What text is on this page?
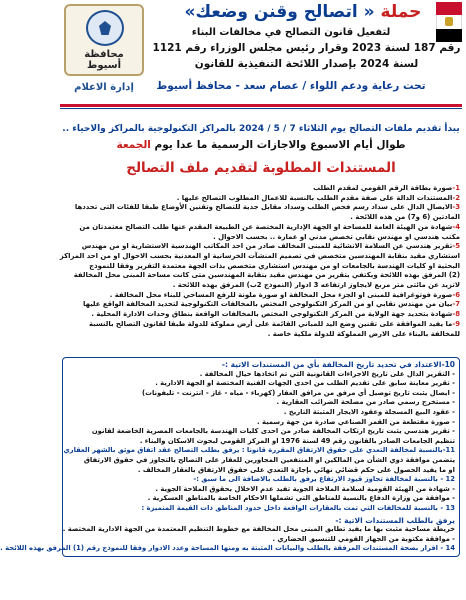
حملة « اتصالح وقنن وضعك»
محافظة أسيوط
إدارة الاعلام
لتفعيل قانون التصالح في مخالفات البناء
رقم 187 لسنة 2023 وقرار رئيس مجلس الوزراء رقم 1121
لسنة 2024 بإصدار اللائحة التنفيذية للقانون
تحت رعاية ودعم اللواء / عصام سعد - محافظ أسيوط
يبدأ تقديم ملفات التصالح يوم الثلاثاء 7 / 5 / 2024 بالمراكز التكنولوجية بالمراكز والاحياء ..
طوال أيام الاسبوع والاجازات الرسمية ما عدا يوم الجمعة
المستندات المطلوبة لتقديم ملف التصالح
1-صورة بطاقة الرقم القومي لمقدم الطلب
2-المستندات الدالة على صفة مقدم الطلب بالنسبة للاعمال المطلوب التصالح عليها .
3-الايصال الدال على سداد رسم فحص الطلب وسداد مقابل جدية للتصالح وتقنين الأوضاع طبقا للفئات التى تحددها
المادتين (6 و7) من هذه اللائحة .
4-شهادة من الهيئة العامة للمساحة او الجهة الإدارية المختصة عن الطبيعة المقدم عنها طلب التصالح معتمدتان من
مكتب هندسي او مهندس نقابي تخصص مدني او عمارة .. بحسب الاحوال .
5-تقرير هندسي عن السلامة الانشائية للمبنى المخالف صادر من احد المكاتب الهندسية الاستشارية او من مهندس
استشاري مقيد بنقابة المهندسين متخصص في تصميم المنشآت الخرسانية او المعدنية بحسب الاحوال او من احد المراكز
البحثية او كليات الهندسة بالجامعات او من مهندس استشاري متخصص بذات الجهة معتمدة التقرير وفقا للنموذج
(2) المرفق بهذه اللائحة ويكتفي بتقرير من مهندس مقيد بنقابة المهندسين متى كانت مساحة المبنى محل المخالفة
لاتزيد عن مائتى متر مربع لايجاوز ارتفاعه 3 ادوار (النموذج 2ب) المرفق بهذه اللائحة .
6-صورة فوتوغرافية للمبنى او الجزء محل المخالفة او صورة ملونة للرفع المساحي للبناء محل المخالفة .
7-بيان من مهندس نقابي او من المركز التكنولوجي المختص بالمخالفات التكنولوجية لتحديد المخالفة الواقع عليها
8-شهادة بتحديد جهة الولاية من المركز التكنولوجي المختص بالمخالفات الواقعة بنطاق وحدات الادارة المحلية .
9-ما يفيد الموافقة على تقنين وضع اليد للمباني القائمة على أرض مملوكة للدولة طبقا لقانون التصالح بالنسبة للمخالفة بالبناء على الارض المملوكة للدولة ملكية خاصة .
10-الاعتداد في تحديد تاريخ المخالفة بأي من المستندات الاتية :-
- التقرير الدال على تاريخ الاجراءات القانونية التي تم اتخاذها حيال المخالفة .
- تقرير معاينة سابق على تقديم الطلب من احدى الجهات الفنية المختصة او الجهة الادارية .
- ايصال يثبت تاريخ توصيل أي مرفق من مرافق العقار (كهرباء - مياه - غاز - انترنت - تليفونات)
- مستخرج رسمي صادر من مصلحة الضرائب العقارية .
- عقود البيع المسجلة وعقود الايجار المثبتة التاريخ .
- صورة مقتطعة من القمر الصناعي صادرة من جهة رسمية .
- تقرير هندسي يثبت تاريخ ارتكاب المخالفة صادر من احدى كليات الهندسة بالجامعات المصرية الخاضعة لقانون
تنظيم الجامعات الصادر بالقانون رقم 49 لسنة 1976 او المركز القومي لبحوث الاسكان والبناء .
11-بالنسبة لمخالفة التعدي على حقوق الارتفاق المقررة قانونا : يرفق بطلب التصالح عقد اتفاق موثق بالشهر العقاري
يتضمن موافقة ذوي الشأن من المالكين او المنتفعين المجاورين للعقار على التصالح بالتجاوز في حقوق الارتفاق
او ما يفيد الحصول على حكم قضائي نهائي بإجازة التعدي على حقوق الارتفاق بالعقار المخالف .
12 - بالنسبة لمخالفة تجاوز قيود الارتفاع يرفق بالطلب بالاضافة الى ما سبق :-
- شهادة من الهيئة القومية لسلامة الملاحة الجوية تفيد عدم الاخلال بحقوق الملاحة الجوية .
- موافقة من وزارة الدفاع بالنسبة للمناطق التي تشملها الاحكام الخاصة بالمناطق العسكرية .
13 - بالنسبة للمخالفات التي تمت بالعقارات الواقعة داخل حدود المناطق ذات القيمة المتميزة :
يرفق بالطلب المستندات الاتية :-
خريطة مساحية مثبت بها ما يفيد تطابق المبنى محل المخالفة مع خطوط التنظيم المعتمدة من الجهة الادارية المختصة .
- موافقة مكتوبة من الجهاز القومي للتنسيق الحضاري .
14 - اقرار بصحة المستندات المرفقة بالطلب والبيانات المثبتة به ومنها المساحة وعدد الادوار وفقا للنموذج رقم (1) المرفق بهذه اللائحة .
